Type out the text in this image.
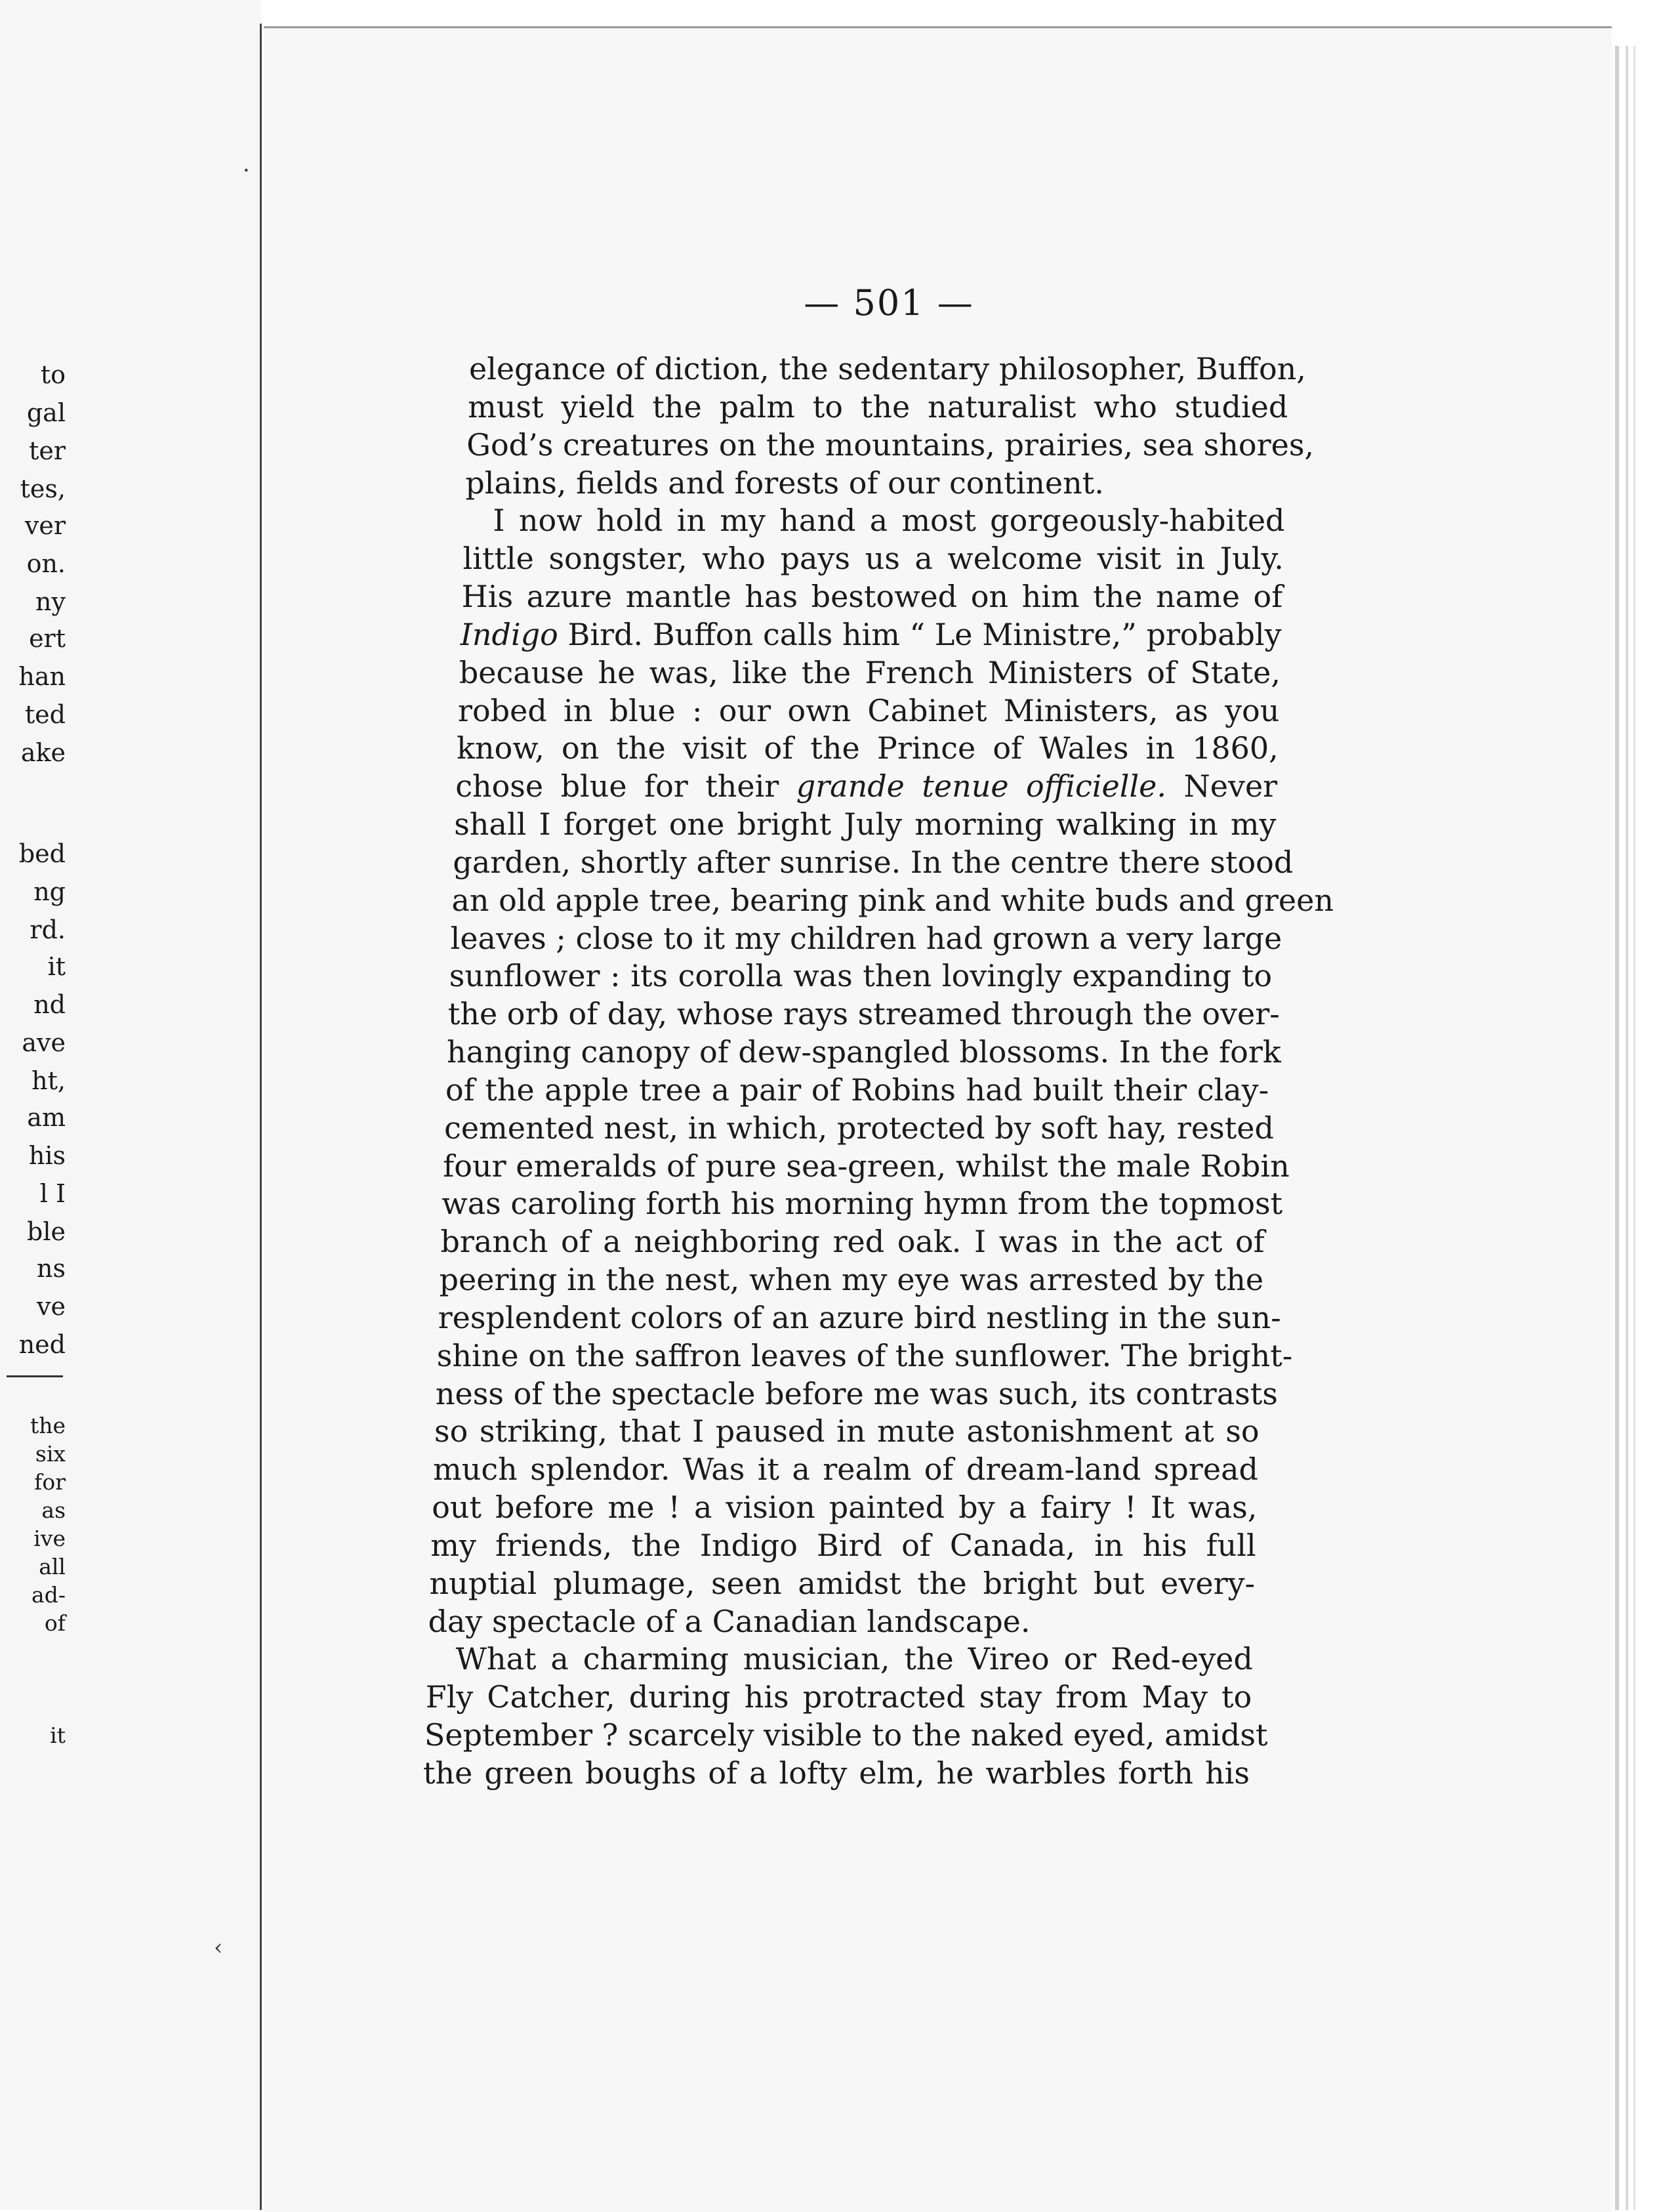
to
gal
ter
tes,
ver
on.
ny
ert
han
ted
ake
bed
ng
rd.
it
nd
ave
ht,
am
his
l I
ble
ns
ve
ned
the
six
for
as
ive
all
ad-
of
it
·
‹
— 501 —
elegance of diction, the sedentary philosopher, Buffon,
must yield the palm to the naturalist who studied
God’s creatures on the mountains, prairies, sea shores,
plains, fields and forests of our continent.
I now hold in my hand a most gorgeously-habited
little songster, who pays us a welcome visit in July.
His azure mantle has bestowed on him the name of
Indigo Bird. Buffon calls him “ Le Ministre,” probably
because he was, like the French Ministers of State,
robed in blue : our own Cabinet Ministers, as you
know, on the visit of the Prince of Wales in 1860,
chose blue for their grande tenue officielle. Never
shall I forget one bright July morning walking in my
garden, shortly after sunrise. In the centre there stood
an old apple tree, bearing pink and white buds and green
leaves ; close to it my children had grown a very large
sunflower : its corolla was then lovingly expanding to
the orb of day, whose rays streamed through the over-
hanging canopy of dew-spangled blossoms. In the fork
of the apple tree a pair of Robins had built their clay-
cemented nest, in which, protected by soft hay, rested
four emeralds of pure sea-green, whilst the male Robin
was caroling forth his morning hymn from the topmost
branch of a neighboring red oak. I was in the act of
peering in the nest, when my eye was arrested by the
resplendent colors of an azure bird nestling in the sun-
shine on the saffron leaves of the sunflower. The bright-
ness of the spectacle before me was such, its contrasts
so striking, that I paused in mute astonishment at so
much splendor. Was it a realm of dream-land spread
out before me ! a vision painted by a fairy ! It was,
my friends, the Indigo Bird of Canada, in his full
nuptial plumage, seen amidst the bright but every-
day spectacle of a Canadian landscape.
What a charming musician, the Vireo or Red-eyed
Fly Catcher, during his protracted stay from May to
September ? scarcely visible to the naked eyed, amidst
the green boughs of a lofty elm, he warbles forth his
